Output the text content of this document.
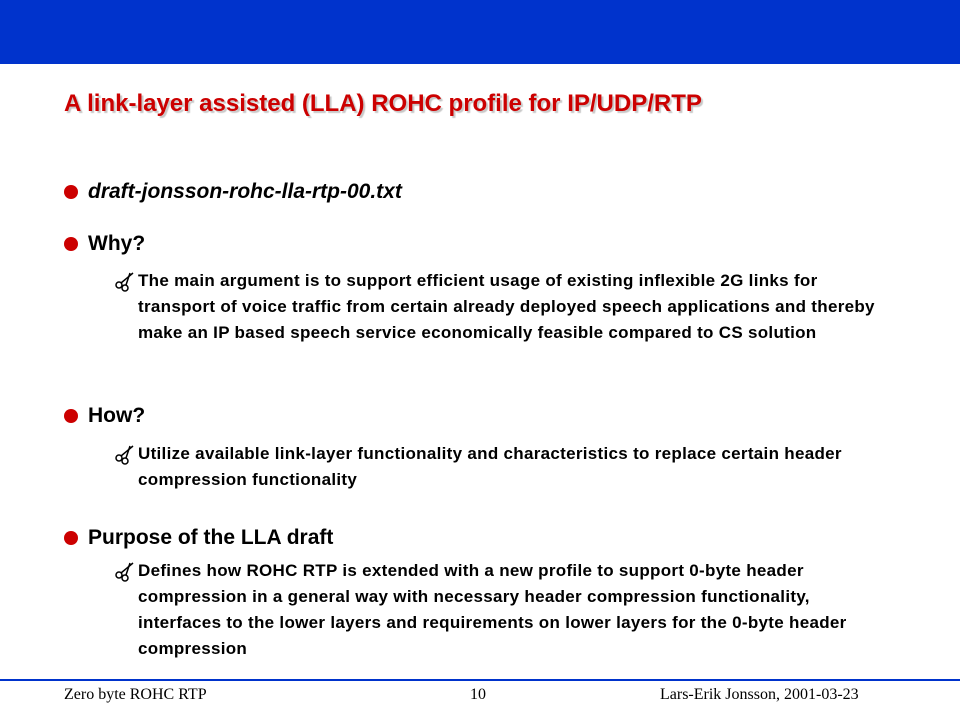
A link-layer assisted (LLA) ROHC profile for IP/UDP/RTP
draft-jonsson-rohc-lla-rtp-00.txt
Why?
The main argument is to support efficient usage of existing inflexible 2G links for transport of voice traffic from certain already deployed speech applications and thereby make an IP based speech service economically feasible compared to CS solution
How?
Utilize available link-layer functionality and characteristics to replace certain header compression functionality
Purpose of the LLA draft
Defines how ROHC RTP is extended with a new profile to support 0-byte header compression in a general way with necessary header compression functionality, interfaces to the lower layers and requirements on lower layers for the 0-byte header compression
Zero byte ROHC RTP	10	Lars-Erik Jonsson, 2001-03-23
